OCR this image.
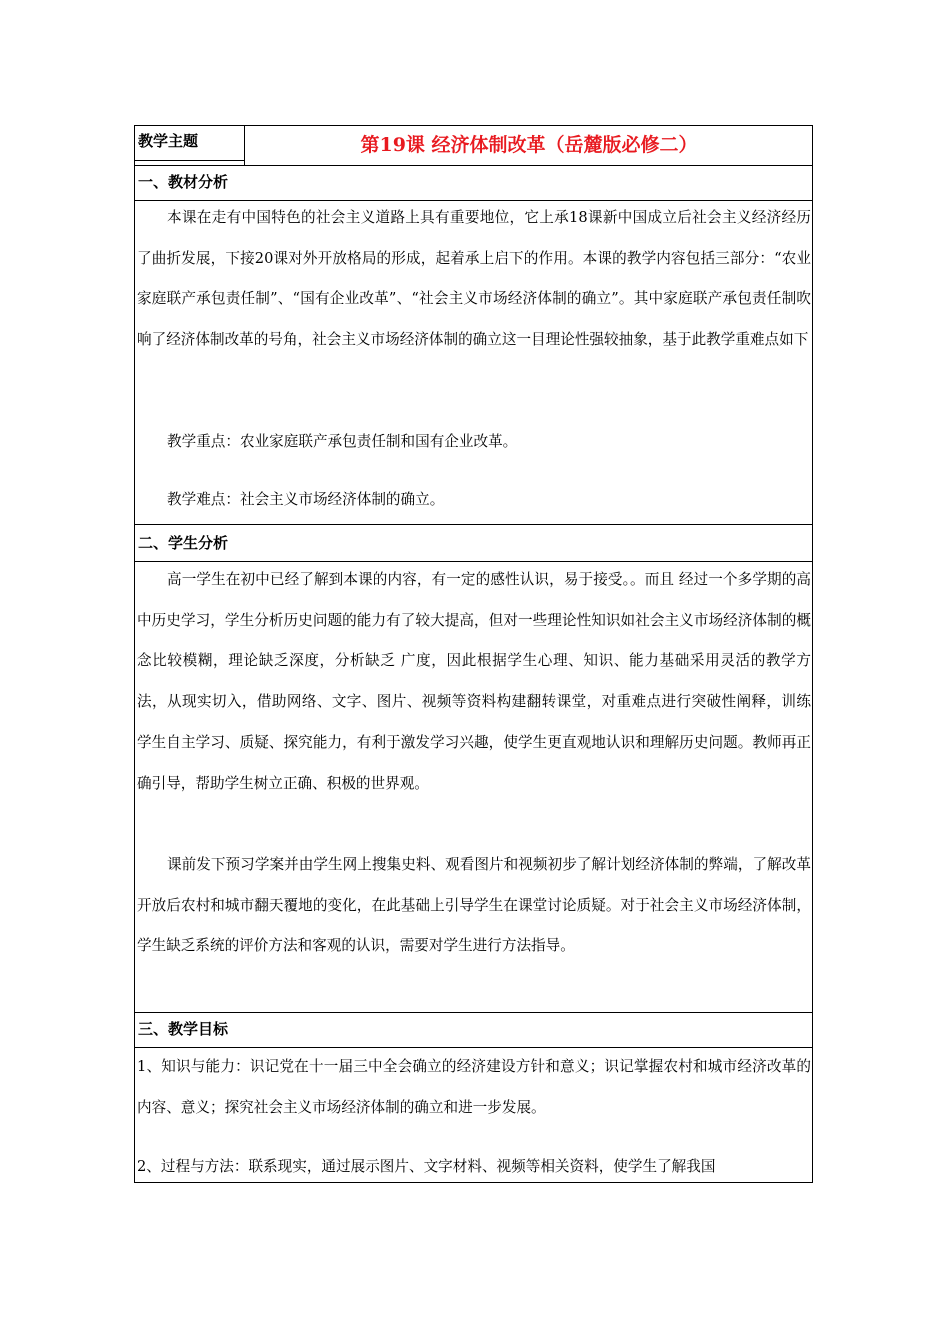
教学主题	第19课 经济体制改革（岳麓版必修二）
一、教材分析

本课在走有中国特色的社会主义道路上具有重要地位，它上承18课新中国成立后社会主义经济经历了曲折发展，下接20课对外开放格局的形成，起着承上启下的作用。本课的教学内容包括三部分：“农业家庭联产承包责任制”、“国有企业改革”、“社会主义市场经济体制的确立”。其中家庭联产承包责任制吹响了经济体制改革的号角，社会主义市场经济体制的确立这一目理论性强较抽象，基于此教学重难点如下

教学重点：农业家庭联产承包责任制和国有企业改革。
教学难点：社会主义市场经济体制的确立。
二、学生分析

高一学生在初中已经了解到本课的内容，有一定的感性认识，易于接受。。而且 经过一个多学期的高中历史学习，学生分析历史问题的能力有了较大提高，但对一些理论性知识如社会主义市场经济体制的概念比较模糊，理论缺乏深度，分析缺乏 广度，因此根据学生心理、知识、能力基础采用灵活的教学方法，从现实切入，借助网络、文字、图片、视频等资料构建翻转课堂，对重难点进行突破性阐释，训练 学生自主学习、质疑、探究能力，有利于激发学习兴趣，使学生更直观地认识和理解历史问题。教师再正确引导，帮助学生树立正确、积极的世界观。

课前发下预习学案并由学生网上搜集史料、观看图片和视频初步了解计划经济体制的弊端，了解改革开放后农村和城市翻天覆地的变化，在此基础上引导学生在课堂讨论质疑。对于社会主义市场经济体制，学生缺乏系统的评价方法和客观的认识，需要对学生进行方法指导。

三、教学目标

1、知识与能力：识记党在十一届三中全会确立的经济建设方针和意义；识记掌握农村和城市经济改革的内容、意义；探究社会主义市场经济体制的确立和进一步发展。

2、过程与方法：联系现实，通过展示图片、文字材料、视频等相关资料，使学生了解我国
